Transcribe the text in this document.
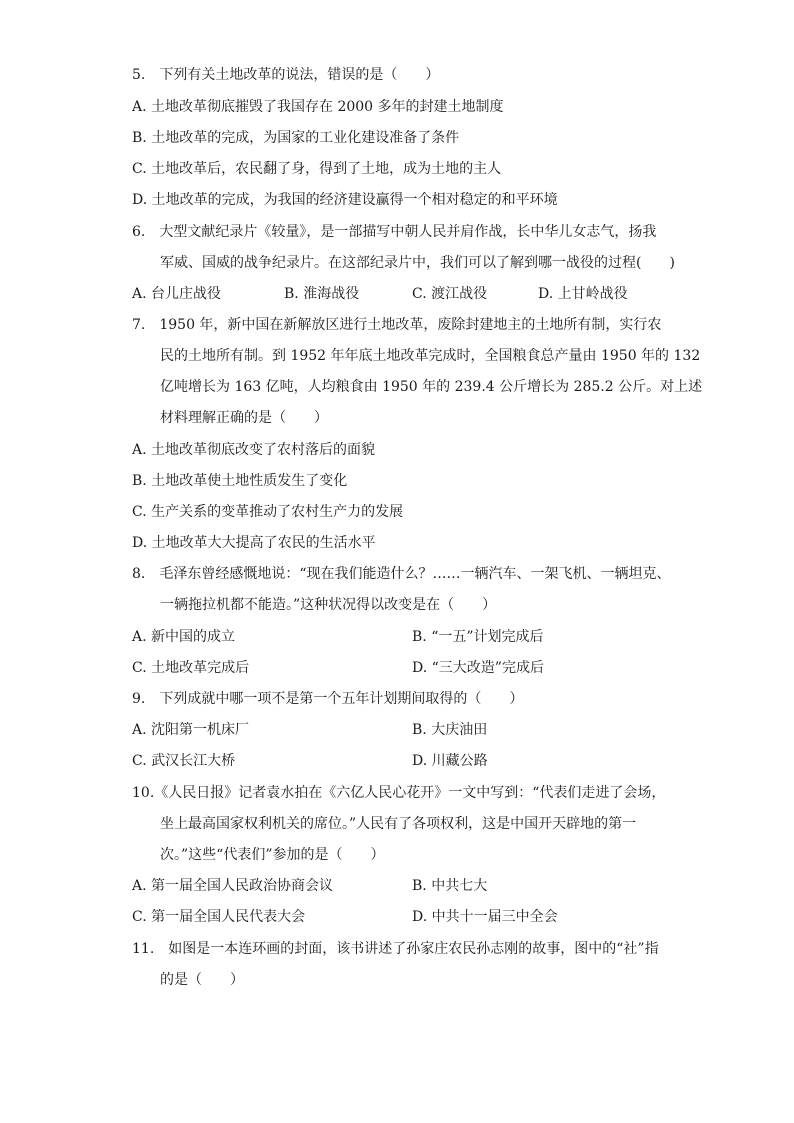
5.　下列有关土地改革的说法，错误的是（　　）
A. 土地改革彻底摧毁了我国存在 2000 多年的封建土地制度
B. 土地改革的完成，为国家的工业化建设准备了条件
C. 土地改革后，农民翻了身，得到了土地，成为土地的主人
D. 土地改革的完成，为我国的经济建设赢得一个相对稳定的和平环境
6.　大型文献纪录片《较量》，是一部描写中朝人民并肩作战，长中华儿女志气，扬我
军威、国威的战争纪录片。在这部纪录片中，我们可以了解到哪一战役的过程(　　)
A. 台儿庄战役	B. 淮海战役	C. 渡江战役	D. 上甘岭战役
7.　1950 年，新中国在新解放区进行土地改革，废除封建地主的土地所有制，实行农
民的土地所有制。到 1952 年年底土地改革完成时，全国粮食总产量由 1950 年的 132
亿吨增长为 163 亿吨，人均粮食由 1950 年的 239.4 公斤增长为 285.2 公斤。对上述
材料理解正确的是（　　）
A. 土地改革彻底改变了农村落后的面貌
B. 土地改革使土地性质发生了变化
C. 生产关系的变革推动了农村生产力的发展
D. 土地改革大大提高了农民的生活水平
8.　毛泽东曾经感慨地说：“现在我们能造什么？……一辆汽车、一架飞机、一辆坦克、
一辆拖拉机都不能造。”这种状况得以改变是在（　　）
A. 新中国的成立	B. “一五”计划完成后
C. 土地改革完成后	D. “三大改造”完成后
9.　下列成就中哪一项不是第一个五年计划期间取得的（　　）
A. 沈阳第一机床厂	B. 大庆油田
C. 武汉长江大桥	D. 川藏公路
10.《人民日报》记者袁水拍在《六亿人民心花开》一文中写到：“代表们走进了会场，
坐上最高国家权利机关的席位。”人民有了各项权利，这是中国开天辟地的第一
次。”这些“代表们”参加的是（　　）
A. 第一届全国人民政治协商会议	B. 中共七大
C. 第一届全国人民代表大会	D. 中共十一届三中全会
11.　如图是一本连环画的封面，该书讲述了孙家庄农民孙志刚的故事，图中的“社”指
的是（　　）
